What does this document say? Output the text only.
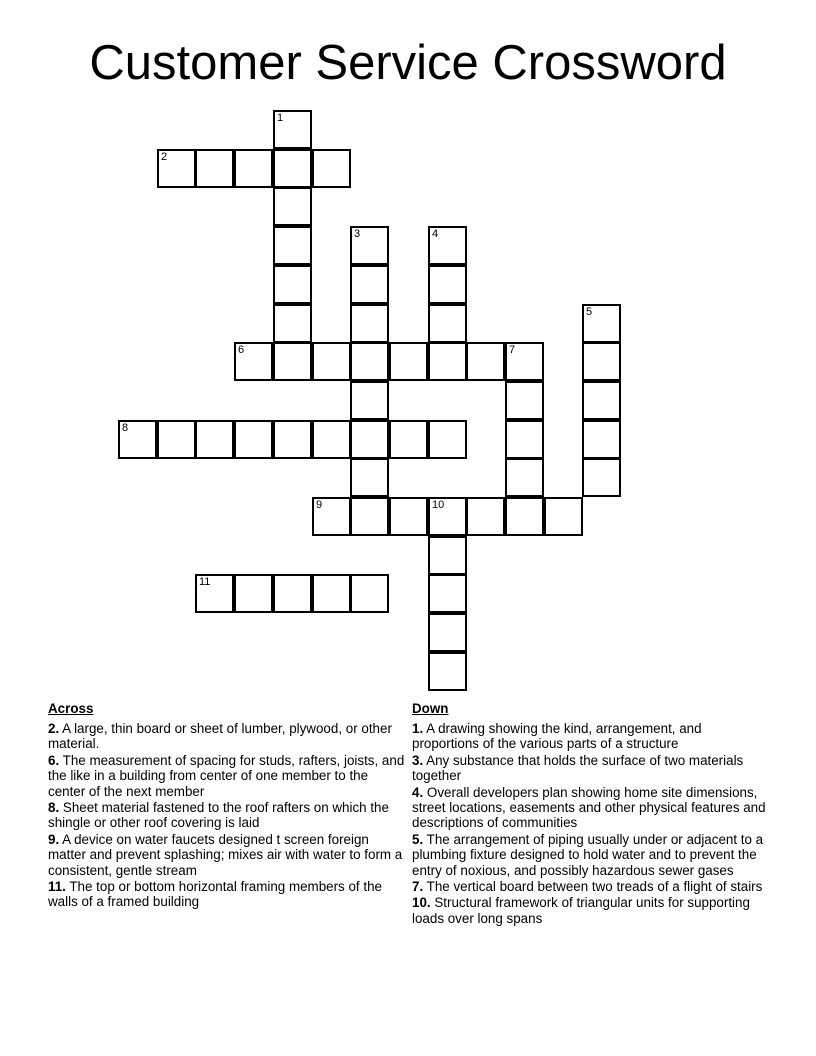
Customer Service Crossword
1
2
3	4
5
6	7
8
9	10
11
Across
2. A large, thin board or sheet of lumber, plywood, or other material.
6. The measurement of spacing for studs, rafters, joists, and the like in a building from center of one member to the center of the next member
8. Sheet material fastened to the roof rafters on which the shingle or other roof covering is laid
9. A device on water faucets designed t screen foreign matter and prevent splashing; mixes air with water to form a consistent, gentle stream
11. The top or bottom horizontal framing members of the walls of a framed building
Down
1. A drawing showing the kind, arrangement, and proportions of the various parts of a structure
3. Any substance that holds the surface of two materials together
4. Overall developers plan showing home site dimensions, street locations, easements and other physical features and descriptions of communities
5. The arrangement of piping usually under or adjacent to a plumbing fixture designed to hold water and to prevent the entry of noxious, and possibly hazardous sewer gases
7. The vertical board between two treads of a flight of stairs
10. Structural framework of triangular units for supporting loads over long spans
